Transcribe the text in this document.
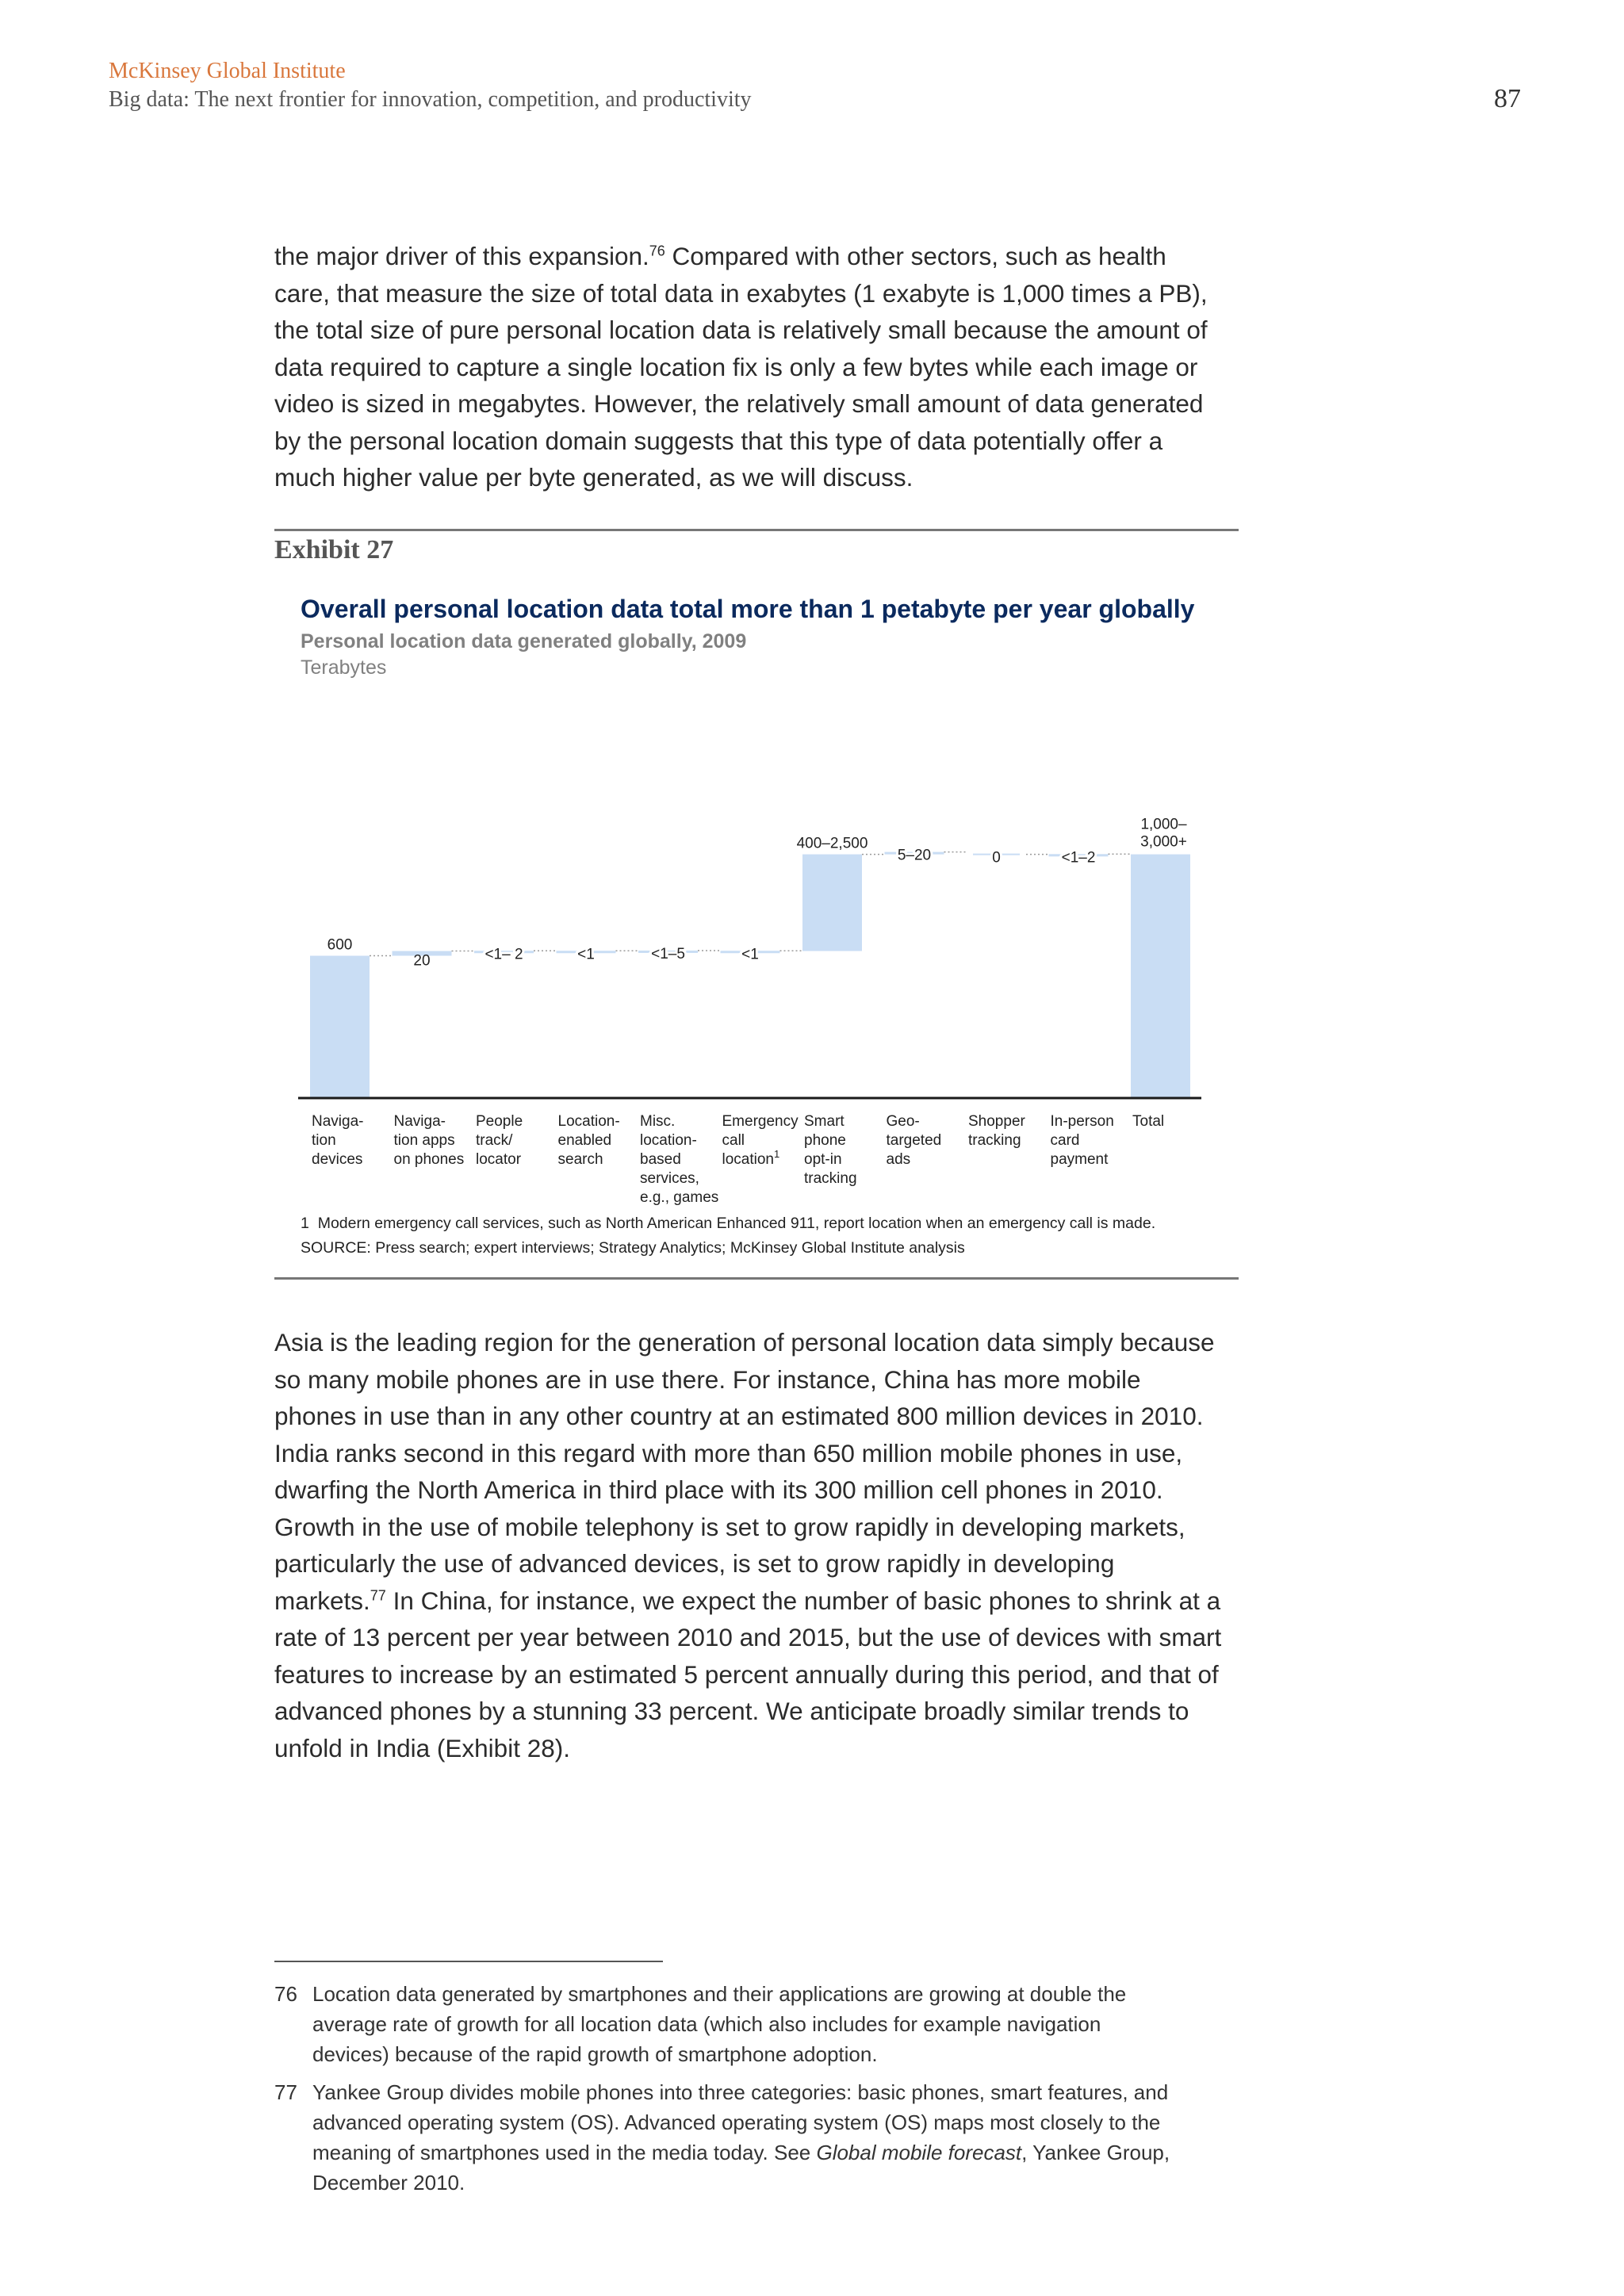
McKinsey Global Institute
Big data: The next frontier for innovation, competition, and productivity	87

the major driver of this expansion.$^{76}$ Compared with other sectors, such as health
care, that measure the size of total data in exabytes (1 exabyte is 1,000 times a PB),
the total size of pure personal location data is relatively small because the amount of
data required to capture a single location fix is only a few bytes while each image or
video is sized in megabytes. However, the relatively small amount of data generated
by the personal location domain suggests that this type of data potentially offer a
much higher value per byte generated, as we will discuss.

Exhibit 27
Overall personal location data total more than 1 petabyte per year globally
Personal location data generated globally, 2009
Terabytes
600
20	<1– 2	<1	<1–5	<1
400–2,500
5–20	0	<1–2
1,000–
3,000+
Naviga-tion devices
Naviga-tion apps on phones
People track/ locator
Location-enabled search
Misc. location-based services, e.g., games
Emergency call location$^1$
Smart phone opt-in tracking
Geo-targeted ads
Shopper tracking
In-person card payment
Total
1 Modern emergency call services, such as North American Enhanced 911, report location when an emergency call is made.
SOURCE: Press search; expert interviews; Strategy Analytics; McKinsey Global Institute analysis

Asia is the leading region for the generation of personal location data simply because
so many mobile phones are in use there. For instance, China has more mobile
phones in use than in any other country at an estimated 800 million devices in 2010.
India ranks second in this regard with more than 650 million mobile phones in use,
dwarfing the North America in third place with its 300 million cell phones in 2010.
Growth in the use of mobile telephony is set to grow rapidly in developing markets,
particularly the use of advanced devices, is set to grow rapidly in developing
markets.$^{77}$ In China, for instance, we expect the number of basic phones to shrink at a
rate of 13 percent per year between 2010 and 2015, but the use of devices with smart
features to increase by an estimated 5 percent annually during this period, and that of
advanced phones by a stunning 33 percent. We anticipate broadly similar trends to
unfold in India (Exhibit 28).

76 Location data generated by smartphones and their applications are growing at double the
average rate of growth for all location data (which also includes for example navigation
devices) because of the rapid growth of smartphone adoption.
77 Yankee Group divides mobile phones into three categories: basic phones, smart features, and
advanced operating system (OS). Advanced operating system (OS) maps most closely to the
meaning of smartphones used in the media today. See Global mobile forecast, Yankee Group,
December 2010.
